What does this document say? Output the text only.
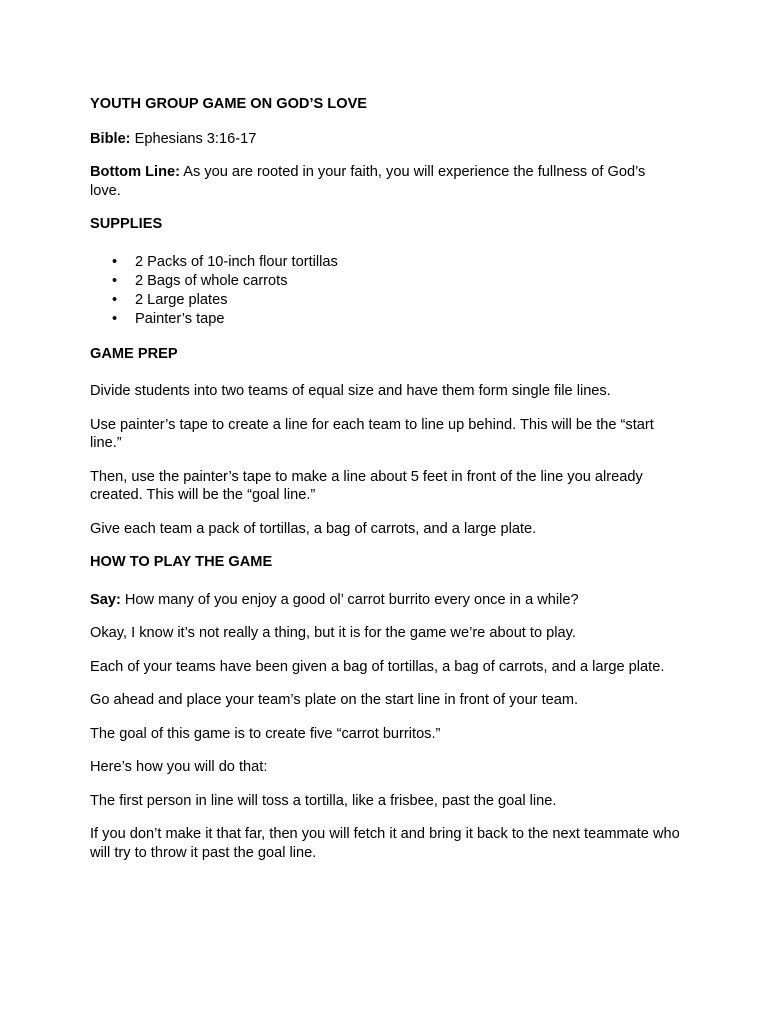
YOUTH GROUP GAME ON GOD’S LOVE

Bible: Ephesians 3:16-17

Bottom Line: As you are rooted in your faith, you will experience the fullness of God’s love.

SUPPLIES

• 2 Packs of 10-inch flour tortillas
• 2 Bags of whole carrots
• 2 Large plates
• Painter’s tape

GAME PREP

Divide students into two teams of equal size and have them form single file lines.

Use painter’s tape to create a line for each team to line up behind. This will be the “start line.”

Then, use the painter’s tape to make a line about 5 feet in front of the line you already created. This will be the “goal line.”

Give each team a pack of tortillas, a bag of carrots, and a large plate.

HOW TO PLAY THE GAME

Say: How many of you enjoy a good ol’ carrot burrito every once in a while?

Okay, I know it’s not really a thing, but it is for the game we’re about to play.

Each of your teams have been given a bag of tortillas, a bag of carrots, and a large plate.

Go ahead and place your team’s plate on the start line in front of your team.

The goal of this game is to create five “carrot burritos.”

Here’s how you will do that:

The first person in line will toss a tortilla, like a frisbee, past the goal line.

If you don’t make it that far, then you will fetch it and bring it back to the next teammate who will try to throw it past the goal line.
